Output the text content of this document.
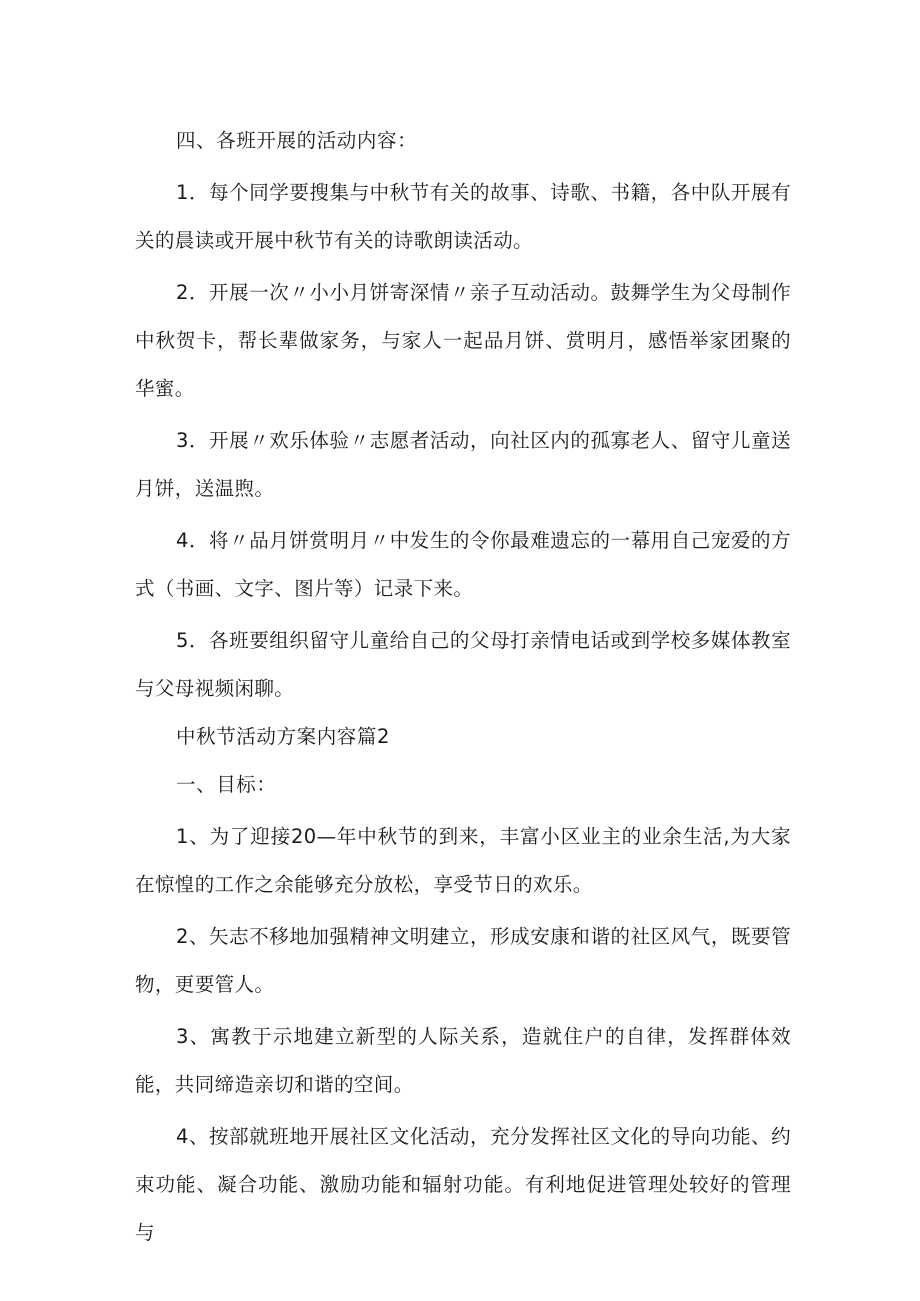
四、各班开展的活动内容：

1．每个同学要搜集与中秋节有关的故事、诗歌、书籍，各中队开展有关的晨读或开展中秋节有关的诗歌朗读活动。

2．开展一次〃小小月饼寄深情〃亲子互动活动。鼓舞学生为父母制作中秋贺卡，帮长辈做家务，与家人一起品月饼、赏明月，感悟举家团聚的华蜜。

3．开展〃欢乐体验〃志愿者活动，向社区内的孤寡老人、留守儿童送月饼，送温煦。

4．将〃品月饼赏明月〃中发生的令你最难遗忘的一幕用自己宠爱的方式（书画、文字、图片等）记录下来。

5．各班要组织留守儿童给自己的父母打亲情电话或到学校多媒体教室与父母视频闲聊。

中秋节活动方案内容篇2

一、目标：

1、为了迎接20—年中秋节的到来，丰富小区业主的业余生活,为大家在惊惶的工作之余能够充分放松，享受节日的欢乐。

2、矢志不移地加强精神文明建立，形成安康和谐的社区风气，既要管物，更要管人。

3、寓教于示地建立新型的人际关系，造就住户的自律，发挥群体效能，共同缔造亲切和谐的空间。

4、按部就班地开展社区文化活动，充分发挥社区文化的导向功能、约束功能、凝合功能、激励功能和辐射功能。有利地促进管理处较好的管理与
